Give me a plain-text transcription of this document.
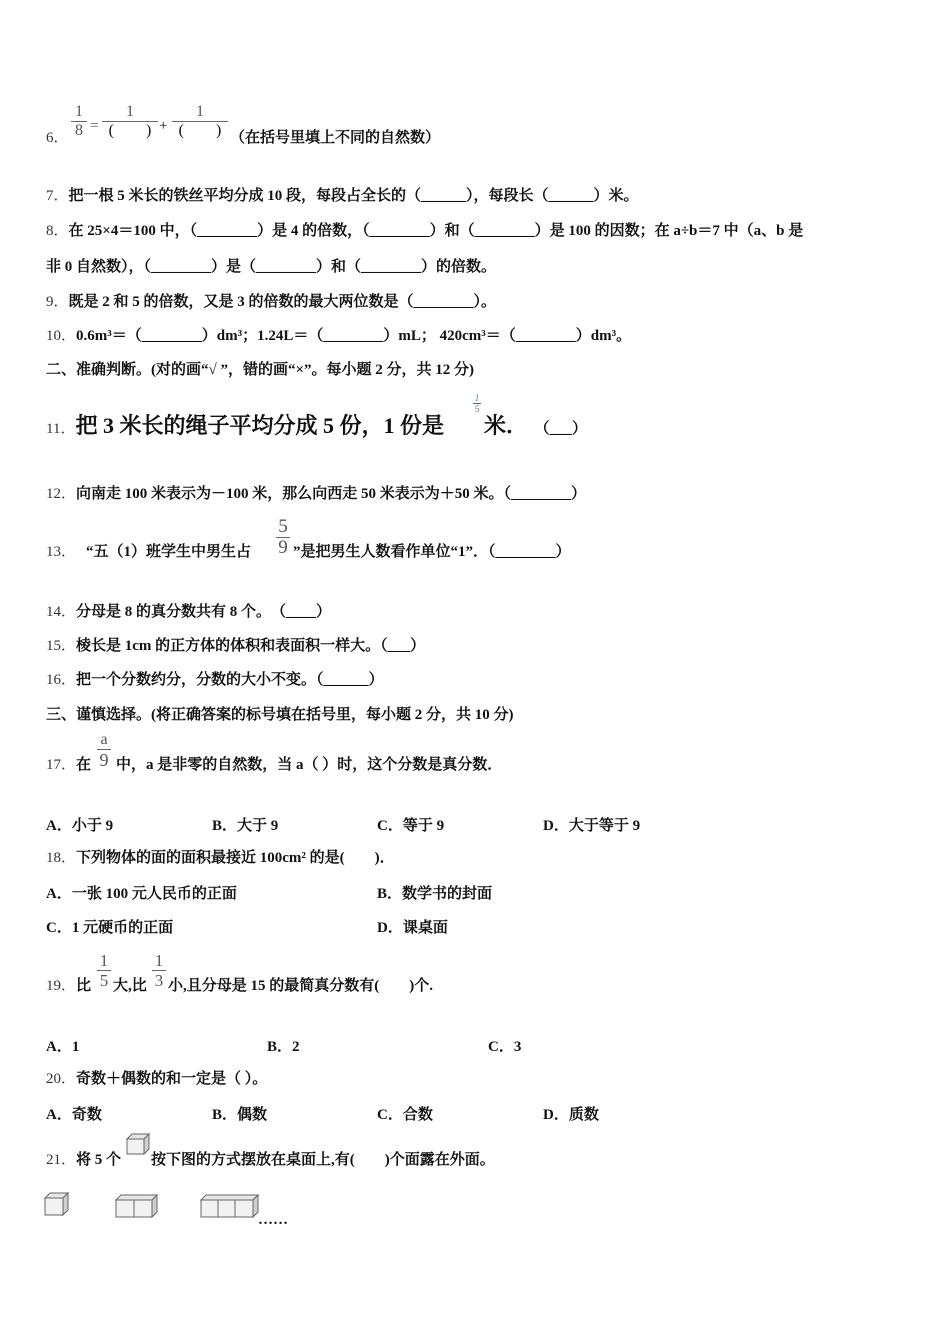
6．
1
8 =
1
(　　) +
1
(　　) （在括号里填上不同的自然数）
7．把一根 5 米长的铁丝平均分成 10 段，每段占全长的（______），每段长（______）米。
8．在 25×4＝100 中，（________）是 4 的倍数，（________）和（________）是 100 的因数；在 a÷b＝7 中（a、b 是
非 0 自然数），（________）是（________）和（________）的倍数。
9．既是 2 和 5 的倍数，又是 3 的倍数的最大两位数是（________）。
10．0.6m³＝（________）dm³；1.24L＝（________）mL； 420cm³＝（________）dm³。
二、准确判断。(对的画“√ ”，错的画“×”。每小题 2 分，共 12 分)
11．把 3 米长的绳子平均分成 5 份，1 份是
1
5
米． （___）
12．向南走 100 米表示为－100 米，那么向西走 50 米表示为＋50 米。（________）
13． “五（1）班学生中男生占
5
9 ”是把男生人数看作单位“1”．（________）
14．分母是 8 的真分数共有 8 个。　（____）
15．棱长是 1cm 的正方体的体积和表面积一样大。（___）
16．把一个分数约分，分数的大小不变。（______）
三、谨慎选择。(将正确答案的标号填在括号里，每小题 2 分，共 10 分)
17．在
a
9 中，a 是非零的自然数，当 a（ ）时，这个分数是真分数．
A．小于 9	B．大于 9	C．等于 9	D．大于等于 9
18．下列物体的面的面积最接近 100cm² 的是(　　)．
A．一张 100 元人民币的正面	B．数学书的封面
C．1 元硬币的正面	D．课桌面
19．比
1
5 大,比
1
3 小,且分母是 15 的最简真分数有(　　)个.
A．1	B．2	C．3
20．奇数＋偶数的和一定是（ ）。
A．奇数	B．偶数	C．合数	D．质数
21．将 5 个 按下图的方式摆放在桌面上,有(　　)个面露在外面。
……
